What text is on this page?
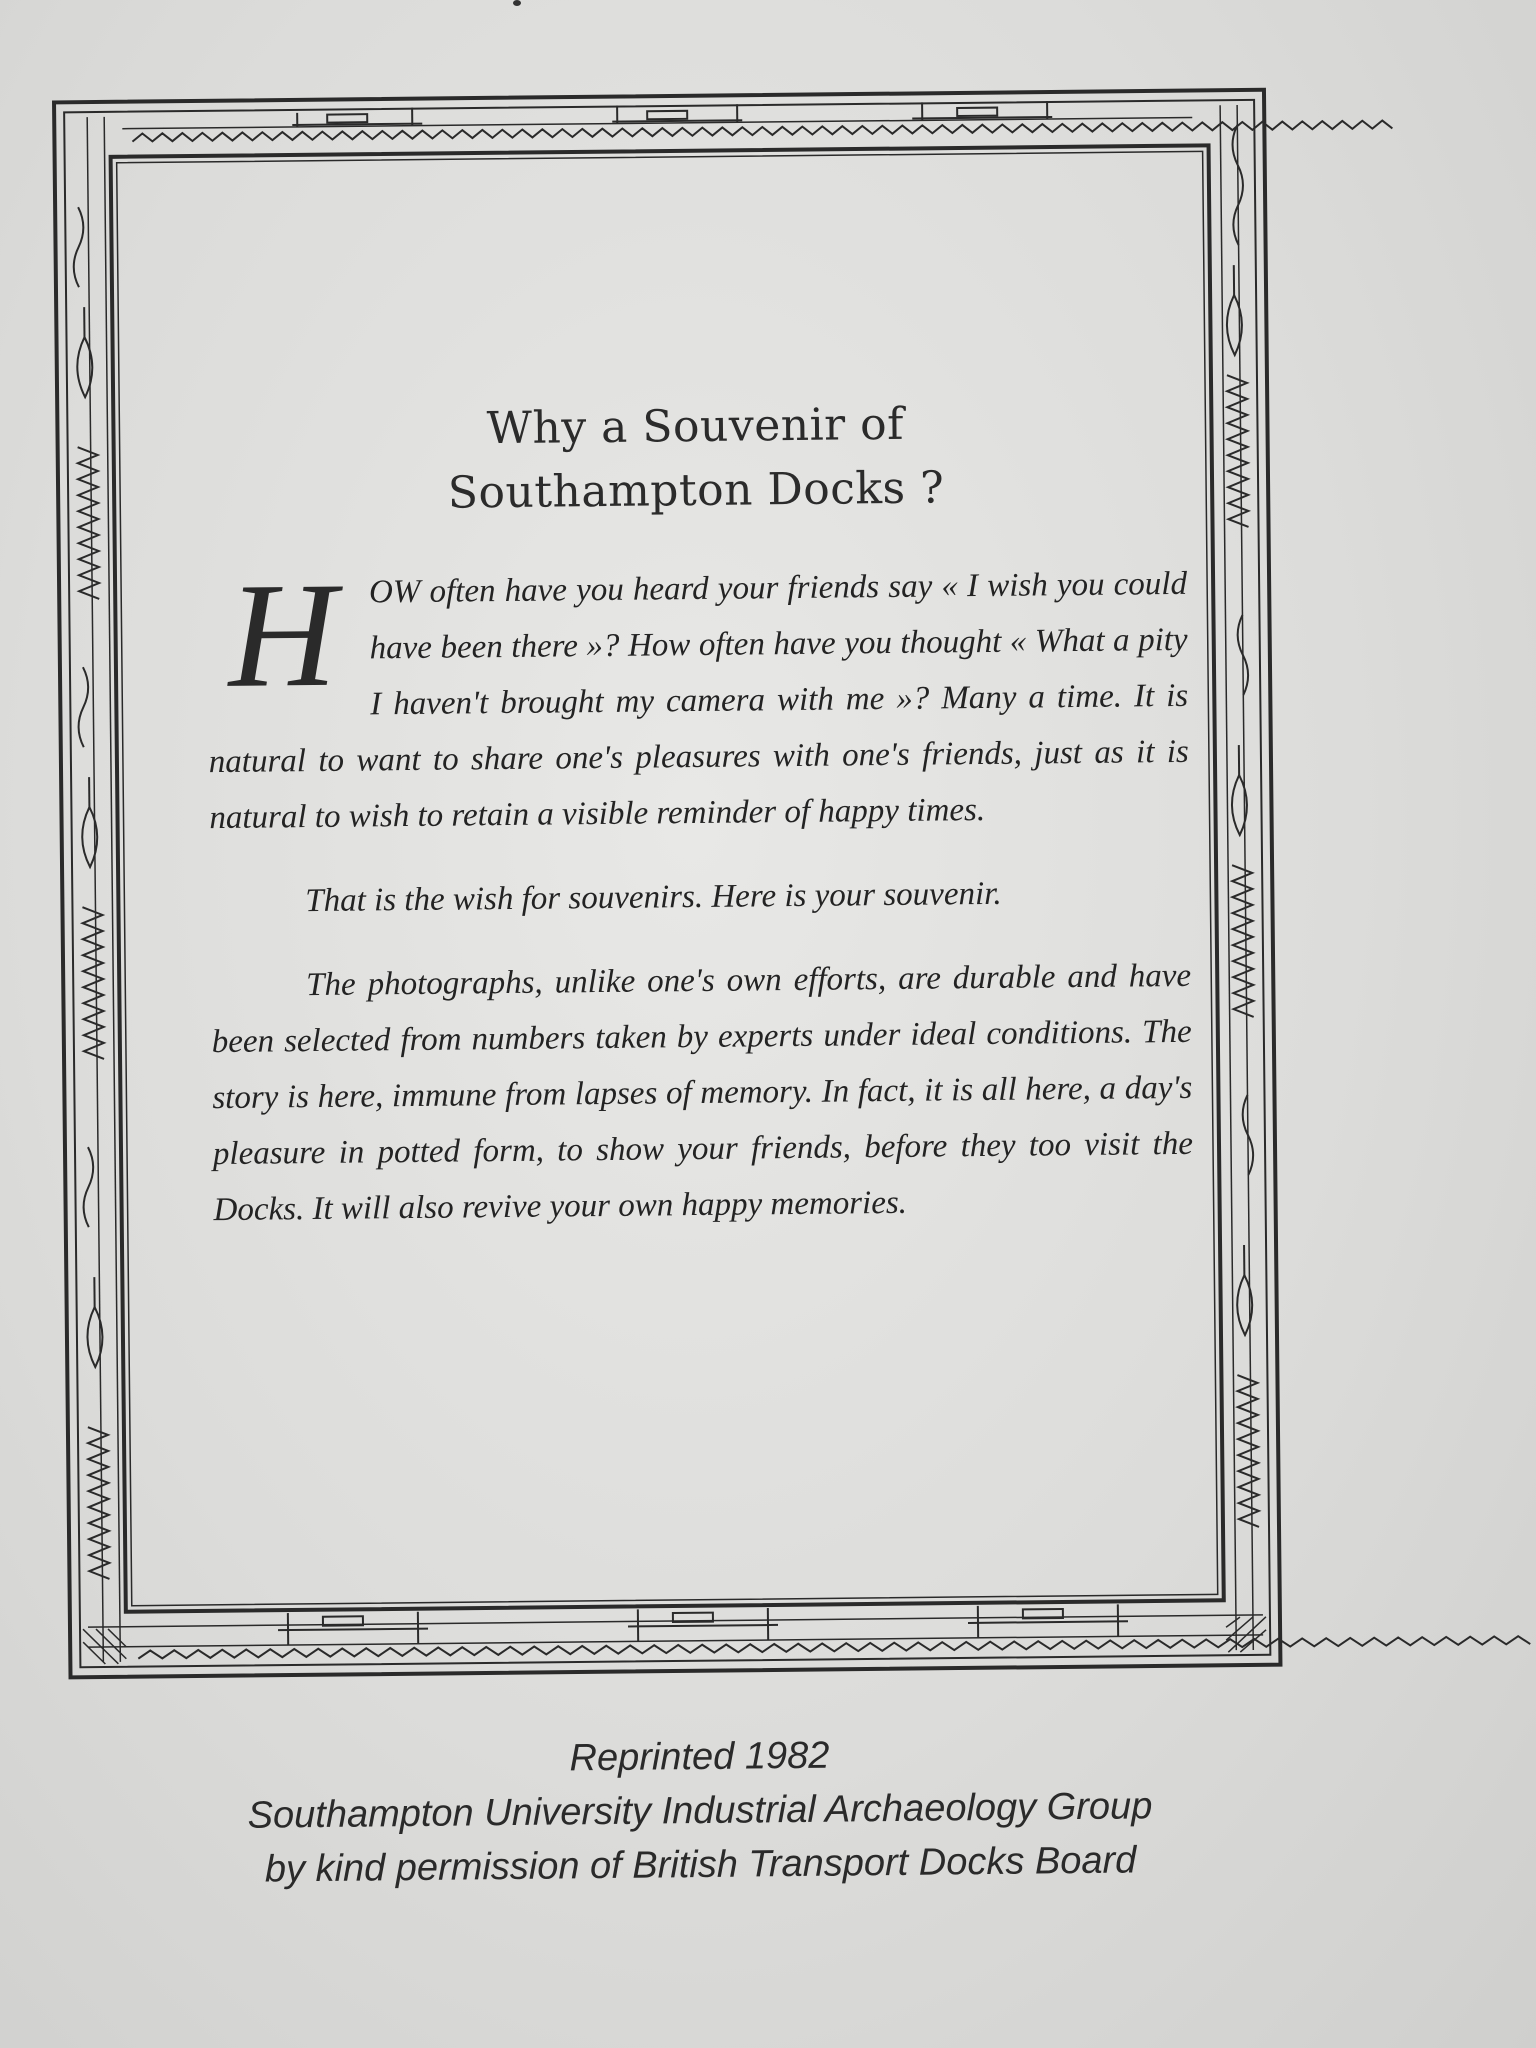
Why a Souvenir of
Southampton Docks ?

H OW often have you heard your friends say « I wish you could have been there »? How often have you thought « What a pity I haven't brought my camera with me »? Many a time. It is natural to want to share one's pleasures with one's friends, just as it is natural to wish to retain a visible reminder of happy times.

That is the wish for souvenirs. Here is your souvenir.

The photographs, unlike one's own efforts, are durable and have been selected from numbers taken by experts under ideal conditions. The story is here, immune from lapses of memory. In fact, it is all here, a day's pleasure in potted form, to show your friends, before they too visit the Docks. It will also revive your own happy memories.

Reprinted 1982
Southampton University Industrial Archaeology Group
by kind permission of British Transport Docks Board
